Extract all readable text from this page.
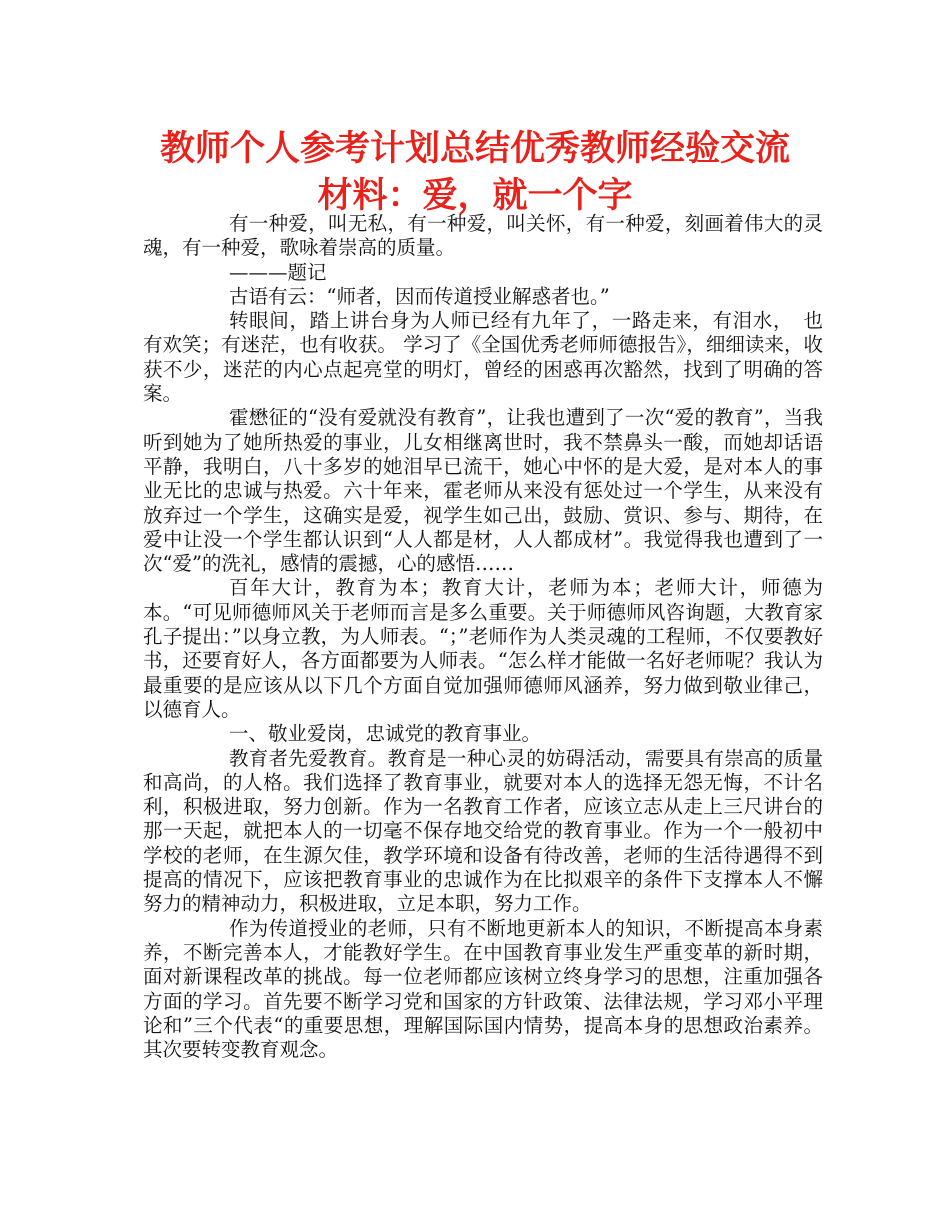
教师个人参考计划总结优秀教师经验交流
材料：爱，就一个字

有一种爱，叫无私，有一种爱，叫关怀，有一种爱，刻画着伟大的灵魂，有一种爱，歌咏着崇高的质量。

———题记

古语有云：“师者，因而传道授业解惑者也。”

转眼间，踏上讲台身为人师已经有九年了，一路走来，有泪水，　也有欢笑；有迷茫，也有收获。 学习了《全国优秀老师师德报告》，细细读来，收获不少，迷茫的内心点起亮堂的明灯，曾经的困惑再次豁然，找到了明确的答案。

霍懋征的“没有爱就没有教育”，让我也遭到了一次“爱的教育”，当我听到她为了她所热爱的事业，儿女相继离世时，我不禁鼻头一酸，而她却话语平静，我明白，八十多岁的她泪早已流干，她心中怀的是大爱，是对本人的事业无比的忠诚与热爱。六十年来，霍老师从来没有惩处过一个学生，从来没有放弃过一个学生，这确实是爱，视学生如己出，鼓励、赏识、参与、期待，在爱中让没一个学生都认识到“人人都是材，人人都成材”。我觉得我也遭到了一次“爱”的洗礼，感情的震撼，心的感悟……

百年大计，教育为本；教育大计，老师为本；老师大计，师德为本。“可见师德师风关于老师而言是多么重要。关于师德师风咨询题，大教育家孔子提出：”以身立教，为人师表。“；”老师作为人类灵魂的工程师，不仅要教好书，还要育好人，各方面都要为人师表。“怎么样才能做一名好老师呢？我认为最重要的是应该从以下几个方面自觉加强师德师风涵养，努力做到敬业律己，以德育人。

一、敬业爱岗，忠诚党的教育事业。

教育者先爱教育。教育是一种心灵的妨碍活动，需要具有崇高的质量和高尚，的人格。我们选择了教育事业，就要对本人的选择无怨无悔，不计名利，积极进取，努力创新。作为一名教育工作者，应该立志从走上三尺讲台的那一天起，就把本人的一切毫不保存地交给党的教育事业。作为一个一般初中学校的老师，在生源欠佳，教学环境和设备有待改善，老师的生活待遇得不到提高的情况下，应该把教育事业的忠诚作为在比拟艰辛的条件下支撑本人不懈努力的精神动力，积极进取，立足本职，努力工作。

作为传道授业的老师，只有不断地更新本人的知识，不断提高本身素养，不断完善本人，才能教好学生。在中国教育事业发生严重变革的新时期，面对新课程改革的挑战。每一位老师都应该树立终身学习的思想，注重加强各方面的学习。首先要不断学习党和国家的方针政策、法律法规，学习邓小平理论和”三个代表“的重要思想，理解国际国内情势，提高本身的思想政治素养。其次要转变教育观念。
